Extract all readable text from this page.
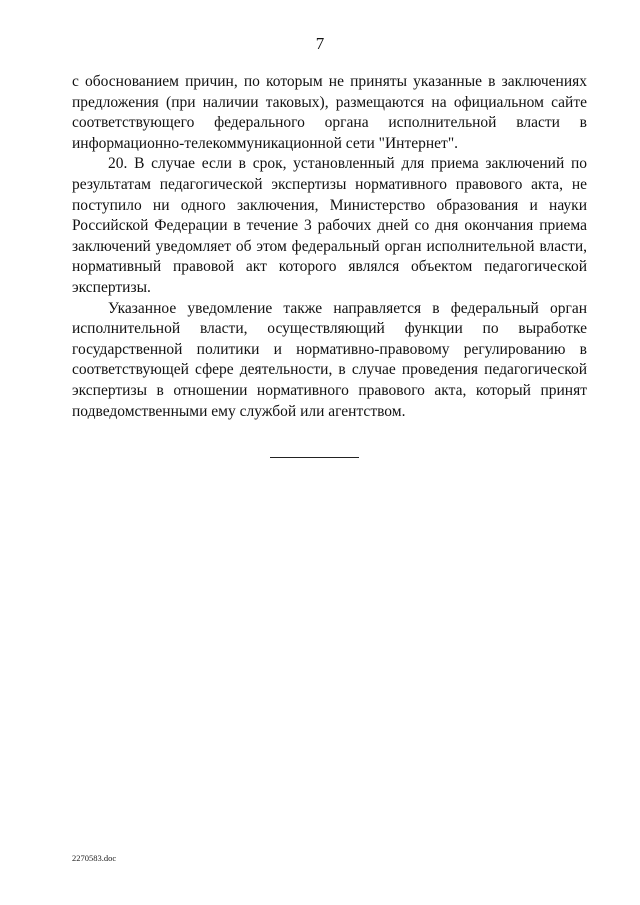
7

с обоснованием причин, по которым не приняты указанные в заключениях предложения (при наличии таковых), размещаются на официальном сайте соответствующего федерального органа исполнительной власти в информационно-телекоммуникационной сети "Интернет".

20. В случае если в срок, установленный для приема заключений по результатам педагогической экспертизы нормативного правового акта, не поступило ни одного заключения, Министерство образования и науки Российской Федерации в течение 3 рабочих дней со дня окончания приема заключений уведомляет об этом федеральный орган исполнительной власти, нормативный правовой акт которого являлся объектом педагогической экспертизы.

Указанное уведомление также направляется в федеральный орган исполнительной власти, осуществляющий функции по выработке государственной политики и нормативно-правовому регулированию в соответствующей сфере деятельности, в случае проведения педагогической экспертизы в отношении нормативного правового акта, который принят подведомственными ему службой или агентством.

2270583.doc
